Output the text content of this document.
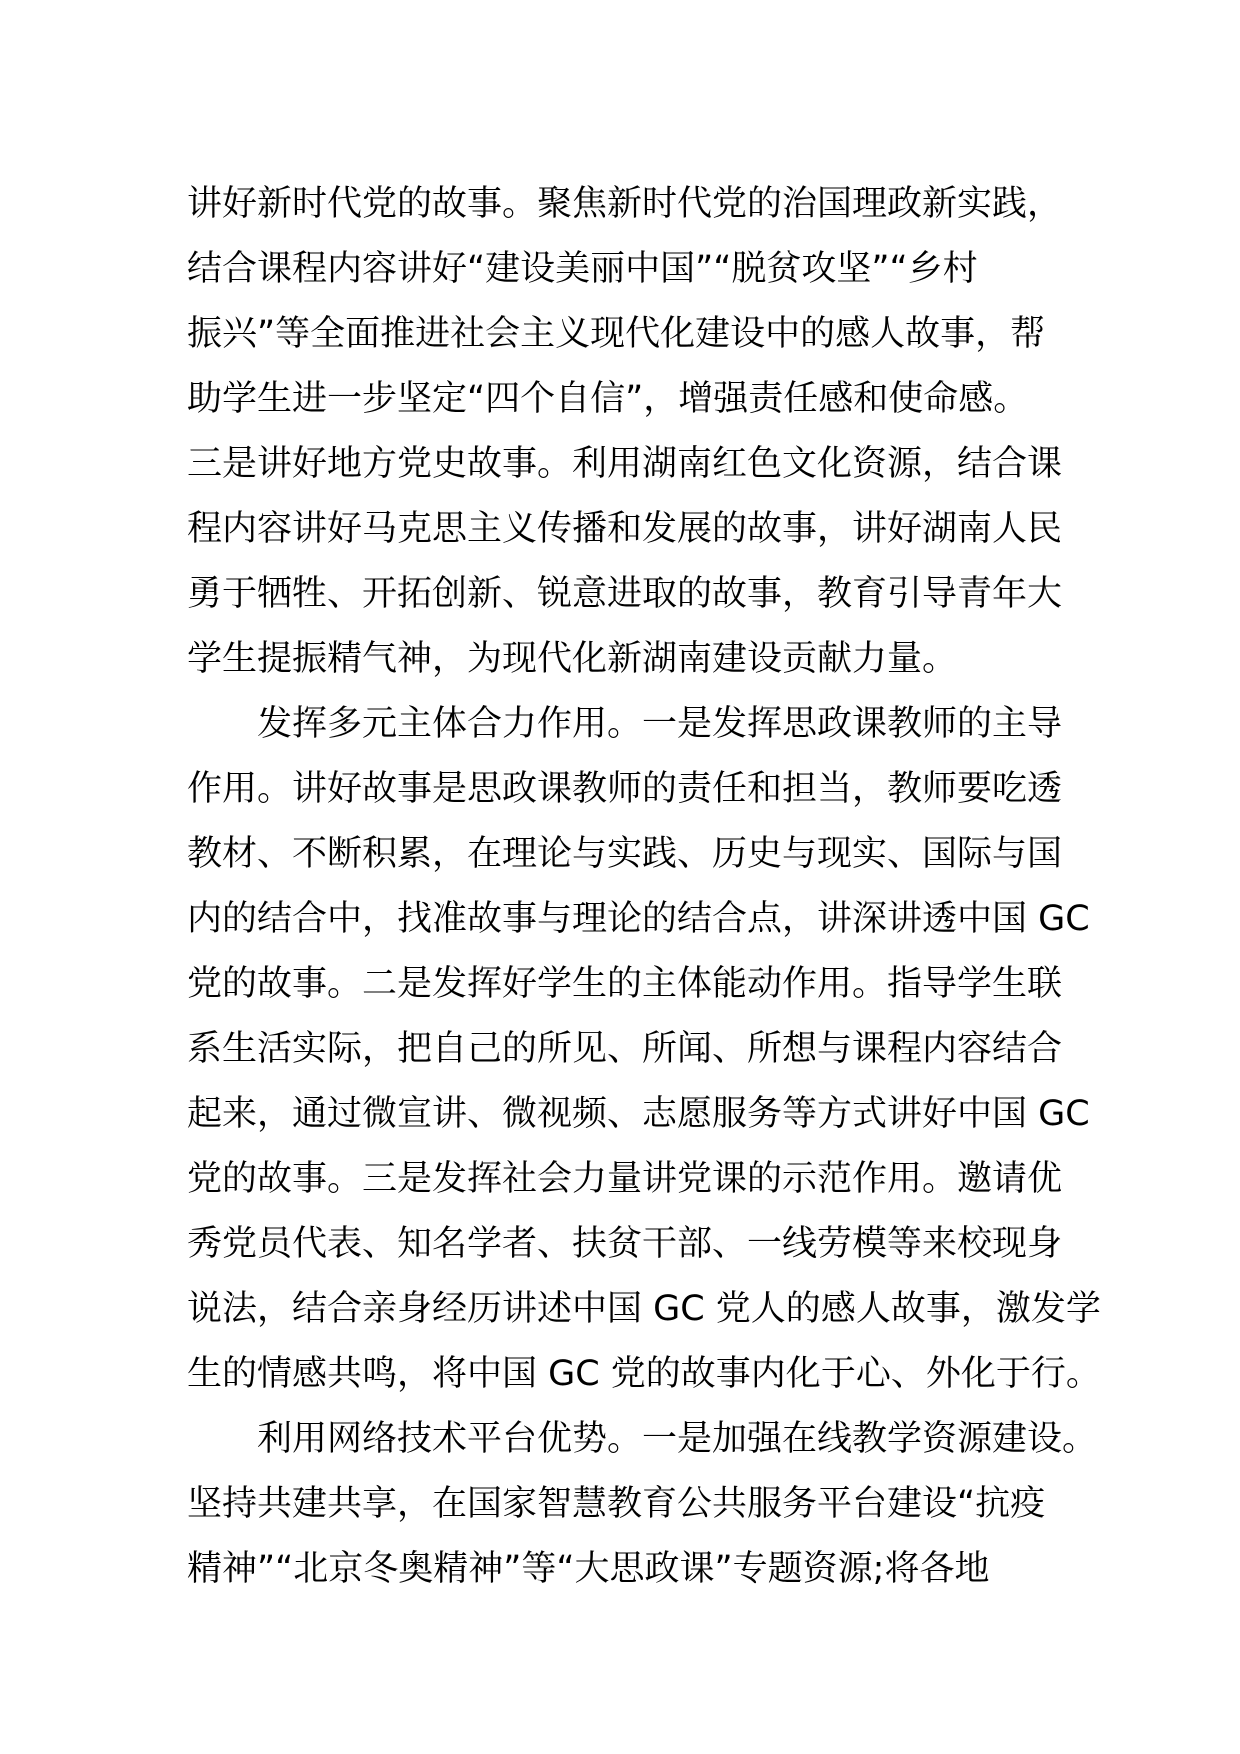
讲好新时代党的故事。聚焦新时代党的治国理政新实践，
结合课程内容讲好“建设美丽中国”“脱贫攻坚”“乡村
振兴”等全面推进社会主义现代化建设中的感人故事，帮
助学生进一步坚定“四个自信”，增强责任感和使命感。
三是讲好地方党史故事。利用湖南红色文化资源，结合课
程内容讲好马克思主义传播和发展的故事，讲好湖南人民
勇于牺牲、开拓创新、锐意进取的故事，教育引导青年大
学生提振精气神，为现代化新湖南建设贡献力量。
发挥多元主体合力作用。一是发挥思政课教师的主导
作用。讲好故事是思政课教师的责任和担当，教师要吃透
教材、不断积累，在理论与实践、历史与现实、国际与国
内的结合中，找准故事与理论的结合点，讲深讲透中国 GC
党的故事。二是发挥好学生的主体能动作用。指导学生联
系生活实际，把自己的所见、所闻、所想与课程内容结合
起来，通过微宣讲、微视频、志愿服务等方式讲好中国 GC
党的故事。三是发挥社会力量讲党课的示范作用。邀请优
秀党员代表、知名学者、扶贫干部、一线劳模等来校现身
说法，结合亲身经历讲述中国 GC 党人的感人故事，激发学
生的情感共鸣，将中国 GC 党的故事内化于心、外化于行。
利用网络技术平台优势。一是加强在线教学资源建设。
坚持共建共享，在国家智慧教育公共服务平台建设“抗疫
精神”“北京冬奥精神”等“大思政课”专题资源;将各地
